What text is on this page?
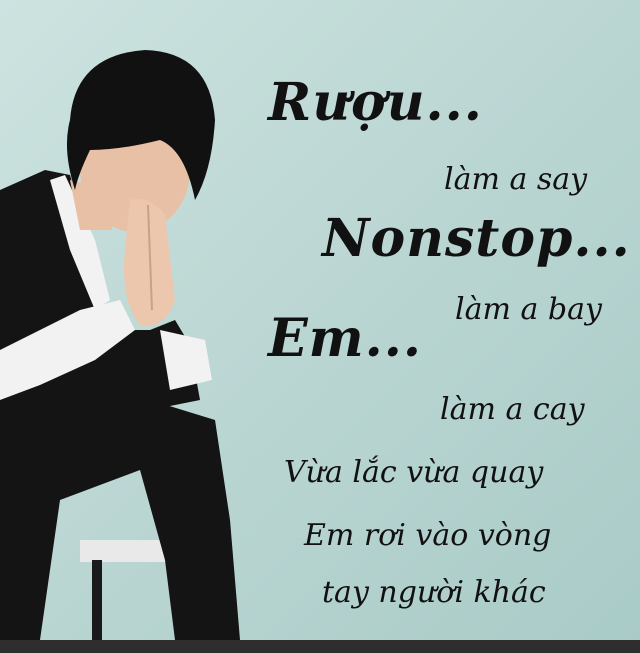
Rượu...
làm a say
Nonstop...
làm a bay
Em...
làm a cay
Vừa lắc vừa quay
Em rơi vào vòng
tay người khác
